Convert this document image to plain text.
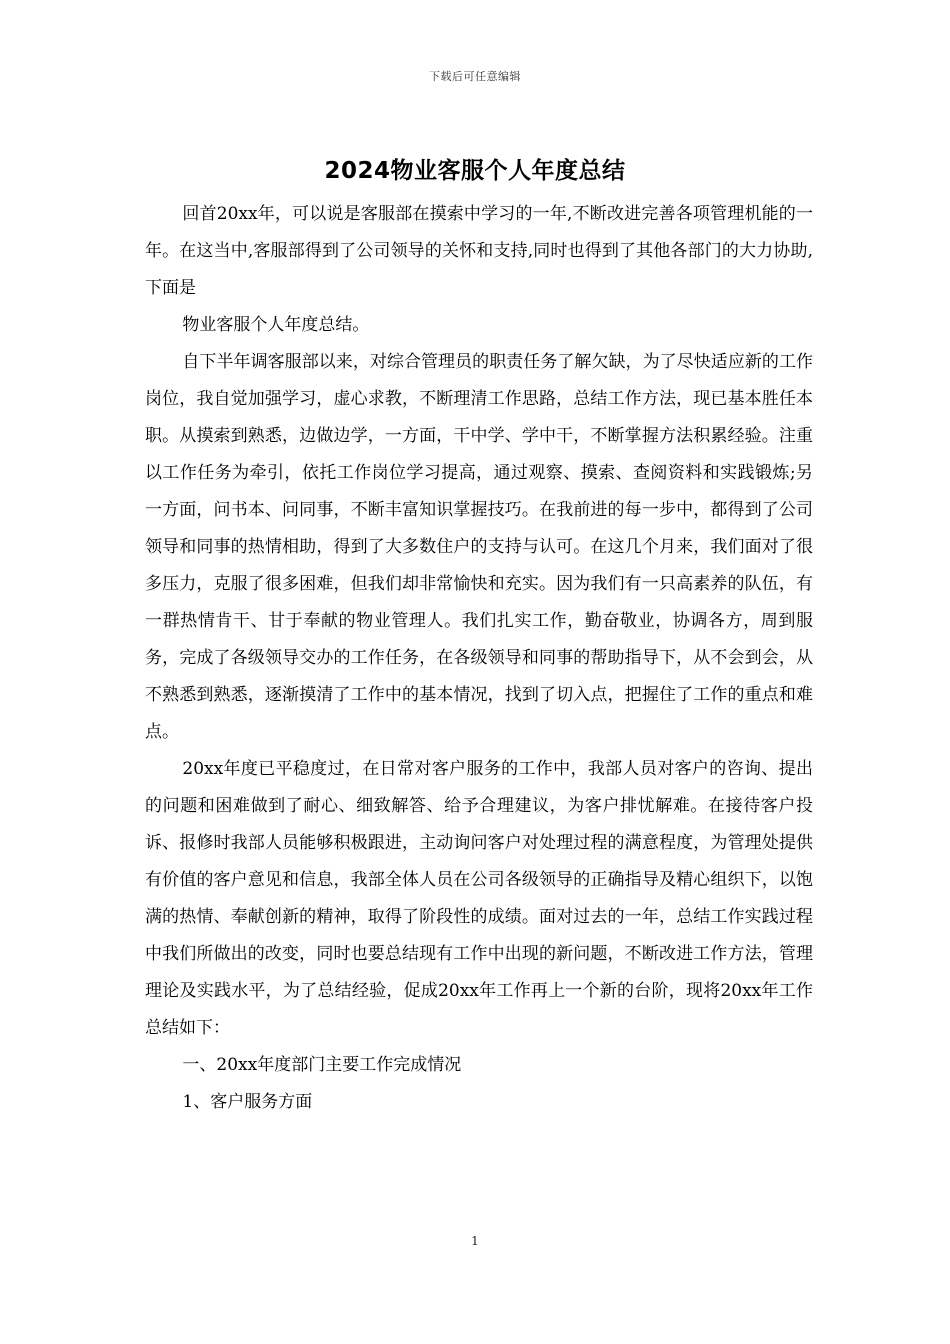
下载后可任意编辑
2024物业客服个人年度总结

回首20xx年，可以说是客服部在摸索中学习的一年,不断改进完善各项管理机能的一年。在这当中,客服部得到了公司领导的关怀和支持,同时也得到了其他各部门的大力协助,下面是

物业客服个人年度总结。

自下半年调客服部以来，对综合管理员的职责任务了解欠缺，为了尽快适应新的工作岗位，我自觉加强学习，虚心求教，不断理清工作思路，总结工作方法，现已基本胜任本职。从摸索到熟悉，边做边学，一方面，干中学、学中干，不断掌握方法积累经验。注重以工作任务为牵引，依托工作岗位学习提高，通过观察、摸索、查阅资料和实践锻炼;另一方面，问书本、问同事，不断丰富知识掌握技巧。在我前进的每一步中，都得到了公司领导和同事的热情相助，得到了大多数住户的支持与认可。在这几个月来，我们面对了很多压力，克服了很多困难，但我们却非常愉快和充实。因为我们有一只高素养的队伍，有一群热情肯干、甘于奉献的物业管理人。我们扎实工作，勤奋敬业，协调各方，周到服务，完成了各级领导交办的工作任务，在各级领导和同事的帮助指导下，从不会到会，从不熟悉到熟悉，逐渐摸清了工作中的基本情况，找到了切入点，把握住了工作的重点和难点。

20xx年度已平稳度过，在日常对客户服务的工作中，我部人员对客户的咨询、提出的问题和困难做到了耐心、细致解答、给予合理建议，为客户排忧解难。在接待客户投诉、报修时我部人员能够积极跟进，主动询问客户对处理过程的满意程度，为管理处提供有价值的客户意见和信息，我部全体人员在公司各级领导的正确指导及精心组织下，以饱满的热情、奉献创新的精神，取得了阶段性的成绩。面对过去的一年，总结工作实践过程中我们所做出的改变，同时也要总结现有工作中出现的新问题，不断改进工作方法，管理理论及实践水平，为了总结经验，促成20xx年工作再上一个新的台阶，现将20xx年工作总结如下：

一、20xx年度部门主要工作完成情况

1、客户服务方面

1
